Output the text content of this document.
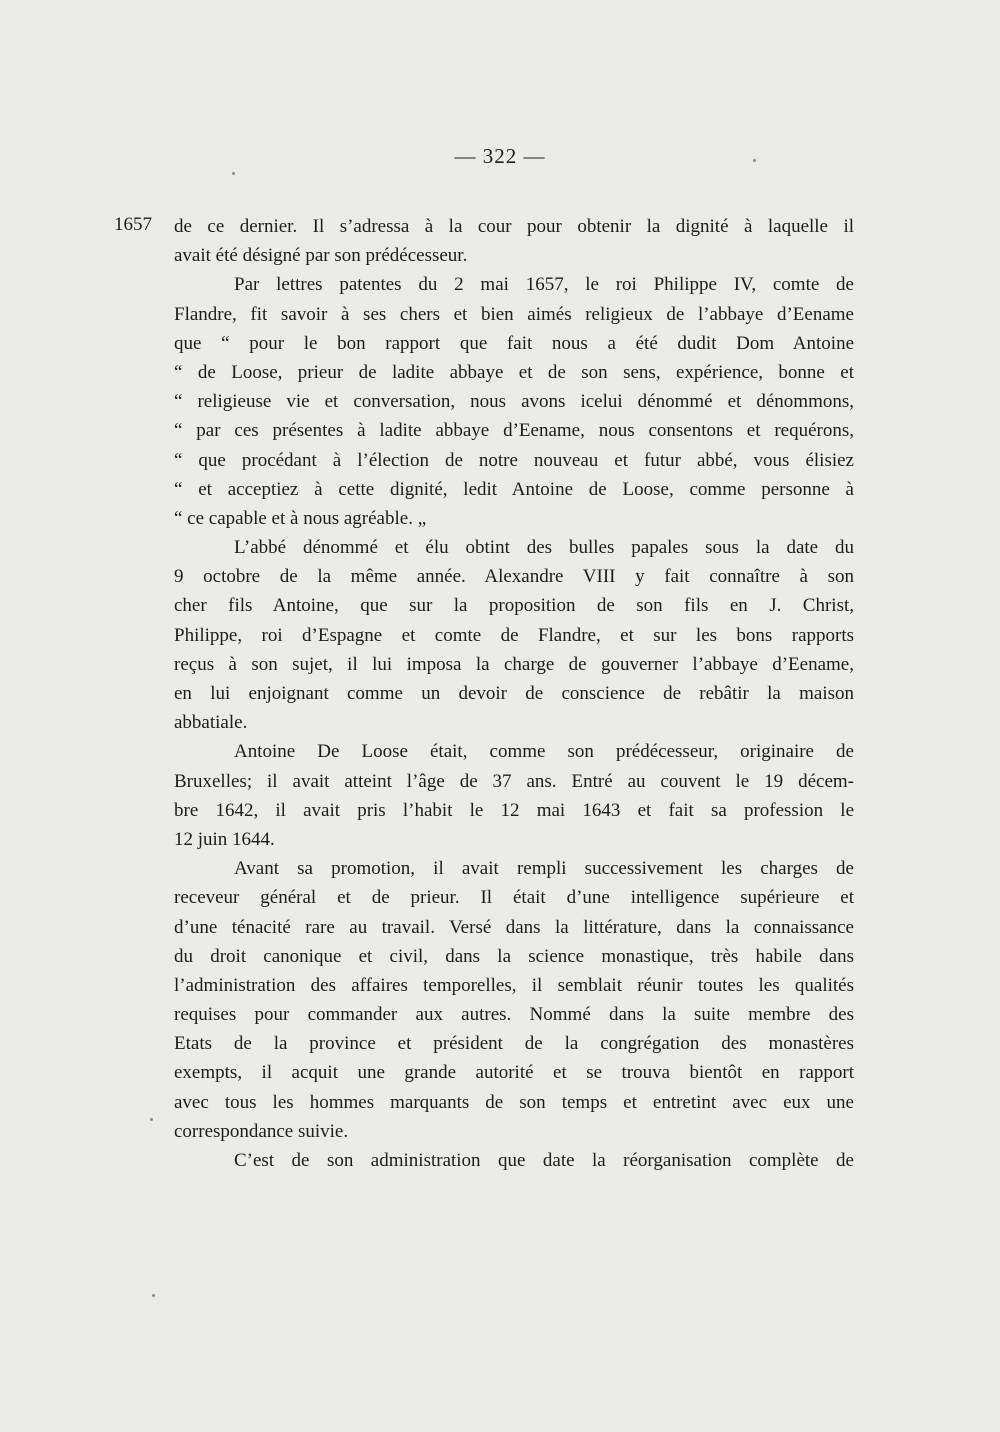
— 322 —
1657 de ce dernier. Il s’adressa à la cour pour obtenir la dignité à laquelle il
avait été désigné par son prédécesseur.
Par lettres patentes du 2 mai 1657, le roi Philippe IV, comte de
Flandre, fit savoir à ses chers et bien aimés religieux de l’abbaye d’Eename
que “ pour le bon rapport que fait nous a été dudit Dom Antoine
“ de Loose, prieur de ladite abbaye et de son sens, expérience, bonne et
“ religieuse vie et conversation, nous avons icelui dénommé et dénommons,
“ par ces présentes à ladite abbaye d’Eename, nous consentons et requérons,
“ que procédant à l’élection de notre nouveau et futur abbé, vous élisiez
“ et acceptiez à cette dignité, ledit Antoine de Loose, comme personne à
“ ce capable et à nous agréable. „
L’abbé dénommé et élu obtint des bulles papales sous la date du
9 octobre de la même année. Alexandre VIII y fait connaître à son
cher fils Antoine, que sur la proposition de son fils en J. Christ,
Philippe, roi d’Espagne et comte de Flandre, et sur les bons rapports
reçus à son sujet, il lui imposa la charge de gouverner l’abbaye d’Eename,
en lui enjoignant comme un devoir de conscience de rebâtir la maison
abbatiale.
Antoine De Loose était, comme son prédécesseur, originaire de
Bruxelles; il avait atteint l’âge de 37 ans. Entré au couvent le 19 décem-
bre 1642, il avait pris l’habit le 12 mai 1643 et fait sa profession le
12 juin 1644.
Avant sa promotion, il avait rempli successivement les charges de
receveur général et de prieur. Il était d’une intelligence supérieure et
d’une ténacité rare au travail. Versé dans la littérature, dans la connaissance
du droit canonique et civil, dans la science monastique, très habile dans
l’administration des affaires temporelles, il semblait réunir toutes les qualités
requises pour commander aux autres. Nommé dans la suite membre des
Etats de la province et président de la congrégation des monastères
exempts, il acquit une grande autorité et se trouva bientôt en rapport
avec tous les hommes marquants de son temps et entretint avec eux une
correspondance suivie.
C’est de son administration que date la réorganisation complète de
